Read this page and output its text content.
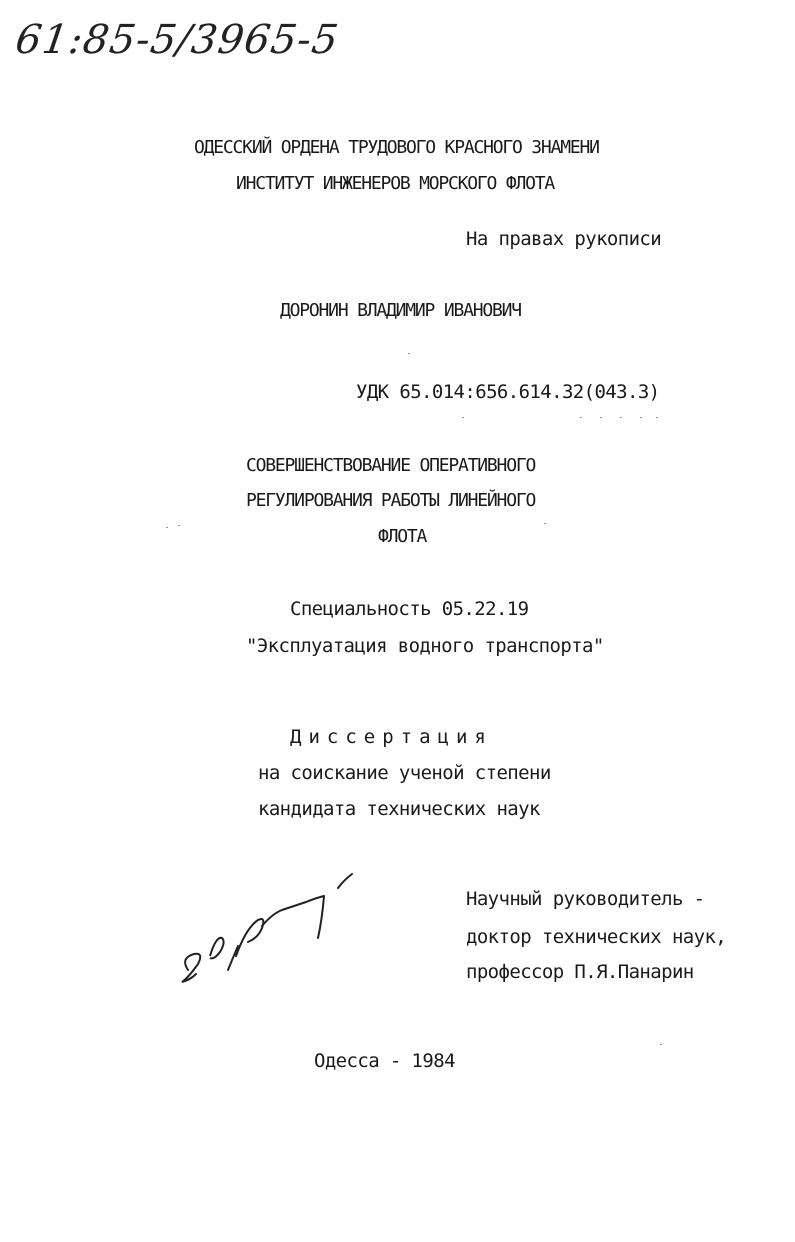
61:85-5/3965-5
ОДЕССКИЙ ОРДЕНА ТРУДОВОГО КРАСНОГО ЗНАМЕНИ
ИНСТИТУТ ИНЖЕНЕРОВ МОРСКОГО ФЛОТА
На правах рукописи
ДОРОНИН ВЛАДИМИР ИВАНОВИЧ
УДК 65.014:656.614.32(043.3)
СОВЕРШЕНСТВОВАНИЕ ОПЕРАТИВНОГО
РЕГУЛИРОВАНИЯ РАБОТЫ ЛИНЕЙНОГО
ФЛОТА
Специальность 05.22.19
"Эксплуатация водного транспорта"
Диссертация
на соискание ученой степени
кандидата технических наук
Научный руководитель -
доктор технических наук,
профессор П.Я.Панарин
Одесса - 1984
